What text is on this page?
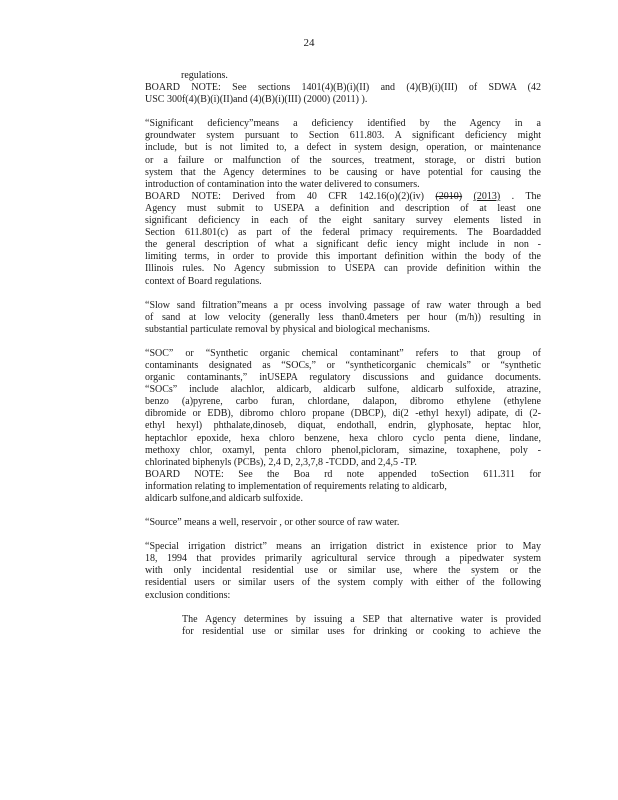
24
regulations.
BOARD NOTE: See sections 1401(4)(B)(i)(II) and (4)(B)(i)(III) of SDWA (42
USC 300f(4)(B)(i)(II)and (4)(B)(i)(III) (2000) (2011) ).
“Significant deficiency”means a deficiency identified by the Agency in a
groundwater system pursuant to Section 611.803. A significant deficiency might
include, but is not limited to, a defect in system design, operation, or maintenance
or a failure or malfunction of the sources, treatment, storage, or distri bution
system that the Agency determines to be causing or have potential for causing the
introduction of contamination into the water delivered to consumers.
BOARD NOTE: Derived from 40 CFR 142.16(o)(2)(iv) (2010) (2013) . The
Agency must submit to USEPA a definition and description of at least one
significant deficiency in each of the eight sanitary survey elements listed in
Section 611.801(c) as part of the federal primacy requirements. The Boardadded
the general description of what a significant defic iency might include in non -
limiting terms, in order to provide this important definition within the body of the
Illinois rules. No Agency submission to USEPA can provide definition within the
context of Board regulations.
“Slow sand filtration”means a pr ocess involving passage of raw water through a bed
of sand at low velocity (generally less than0.4meters per hour (m/h)) resulting in
substantial particulate removal by physical and biological mechanisms.
“SOC” or “Synthetic organic chemical contaminant” refers to that group of
contaminants designated as “SOCs,” or “syntheticorganic chemicals” or “synthetic
organic contaminants,” inUSEPA regulatory discussions and guidance documents.
“SOCs” include alachlor, aldicarb, aldicarb sulfone, aldicarb sulfoxide, atrazine,
benzo (a)pyrene, carbo furan, chlordane, dalapon, dibromo ethylene (ethylene
dibromide or EDB), dibromo chloro propane (DBCP), di(2 -ethyl hexyl) adipate, di (2-
ethyl hexyl) phthalate,dinoseb, diquat, endothall, endrin, glyphosate, heptac hlor,
heptachlor epoxide, hexa chloro benzene, hexa chloro cyclo penta diene, lindane,
methoxy chlor, oxamyl, penta chloro phenol,picloram, simazine, toxaphene, poly -
chlorinated biphenyls (PCBs), 2,4 D, 2,3,7,8 -TCDD, and 2,4,5 -TP.
BOARD NOTE: See the Boa rd note appended toSection 611.311 for
information relating to implementation of requirements relating to aldicarb,
aldicarb sulfone,and aldicarb sulfoxide.
“Source” means a well, reservoir , or other source of raw water.
“Special irrigation district” means an irrigation district in existence prior to May
18, 1994 that provides primarily agricultural service through a pipedwater system
with only incidental residential use or similar use, where the system or the
residential users or similar users of the system comply with either of the following
exclusion conditions:
The Agency determines by issuing a SEP that alternative water is provided
for residential use or similar uses for drinking or cooking to achieve the
